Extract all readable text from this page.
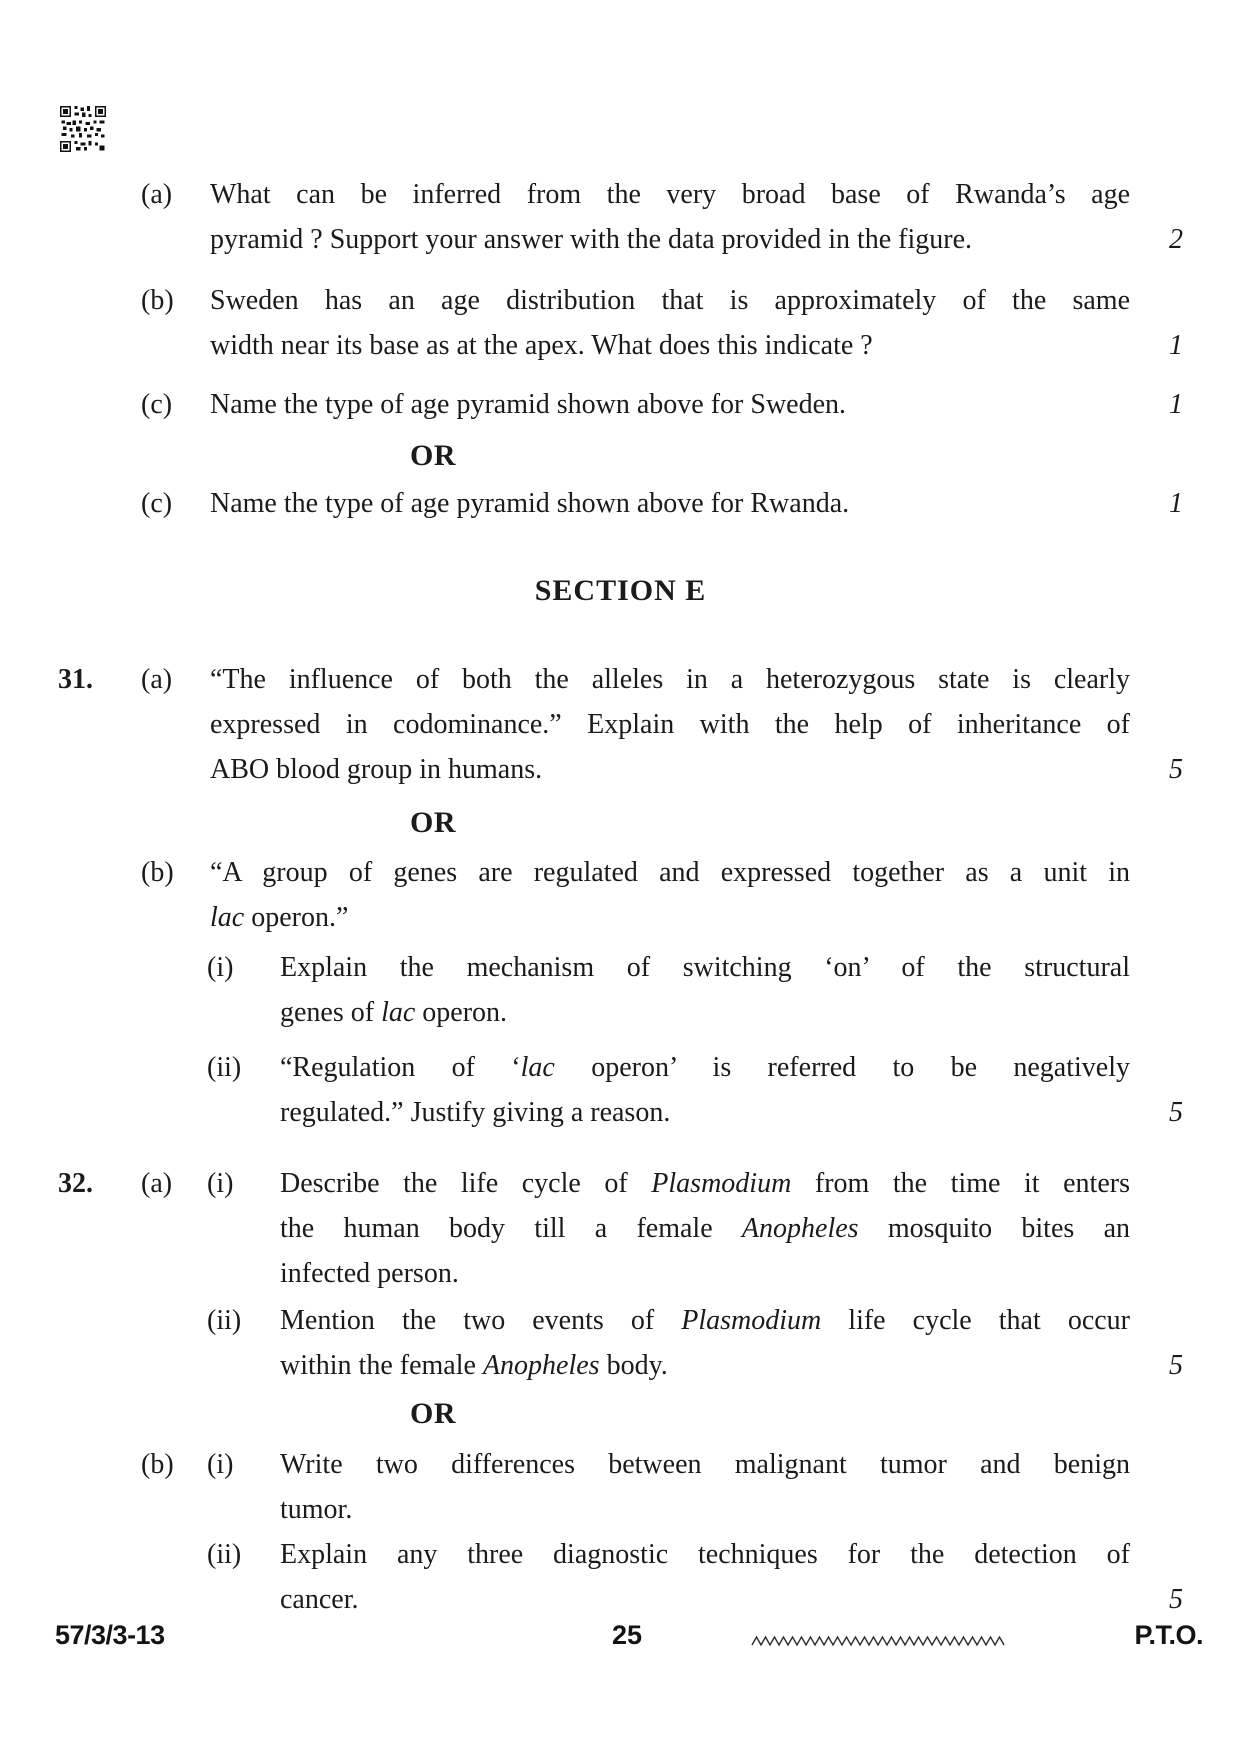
(a)	What can be inferred from the very broad base of Rwanda’s age
pyramid ? Support your answer with the data provided in the figure.	2
(b)	Sweden has an age distribution that is approximately of the same
width near its base as at the apex. What does this indicate ?	1
(c)	Name the type of age pyramid shown above for Sweden.	1
OR
(c)	Name the type of age pyramid shown above for Rwanda.	1
SECTION E
31.	(a)	“The influence of both the alleles in a heterozygous state is clearly
expressed in codominance.” Explain with the help of inheritance of
ABO blood group in humans.	5
OR
(b)	“A group of genes are regulated and expressed together as a unit in
lac operon.”
(i)	Explain the mechanism of switching ‘on’ of the structural
genes of lac operon.
(ii)	“Regulation of ‘lac operon’ is referred to be negatively
regulated.” Justify giving a reason.	5
32.	(a)	(i)	Describe the life cycle of Plasmodium from the time it enters
the human body till a female Anopheles mosquito bites an
infected person.
(ii)	Mention the two events of Plasmodium life cycle that occur
within the female Anopheles body.	5
OR
(b)	(i)	Write two differences between malignant tumor and benign
tumor.
(ii)	Explain any three diagnostic techniques for the detection of
cancer.	5
57/3/3-13	25	P.T.O.
